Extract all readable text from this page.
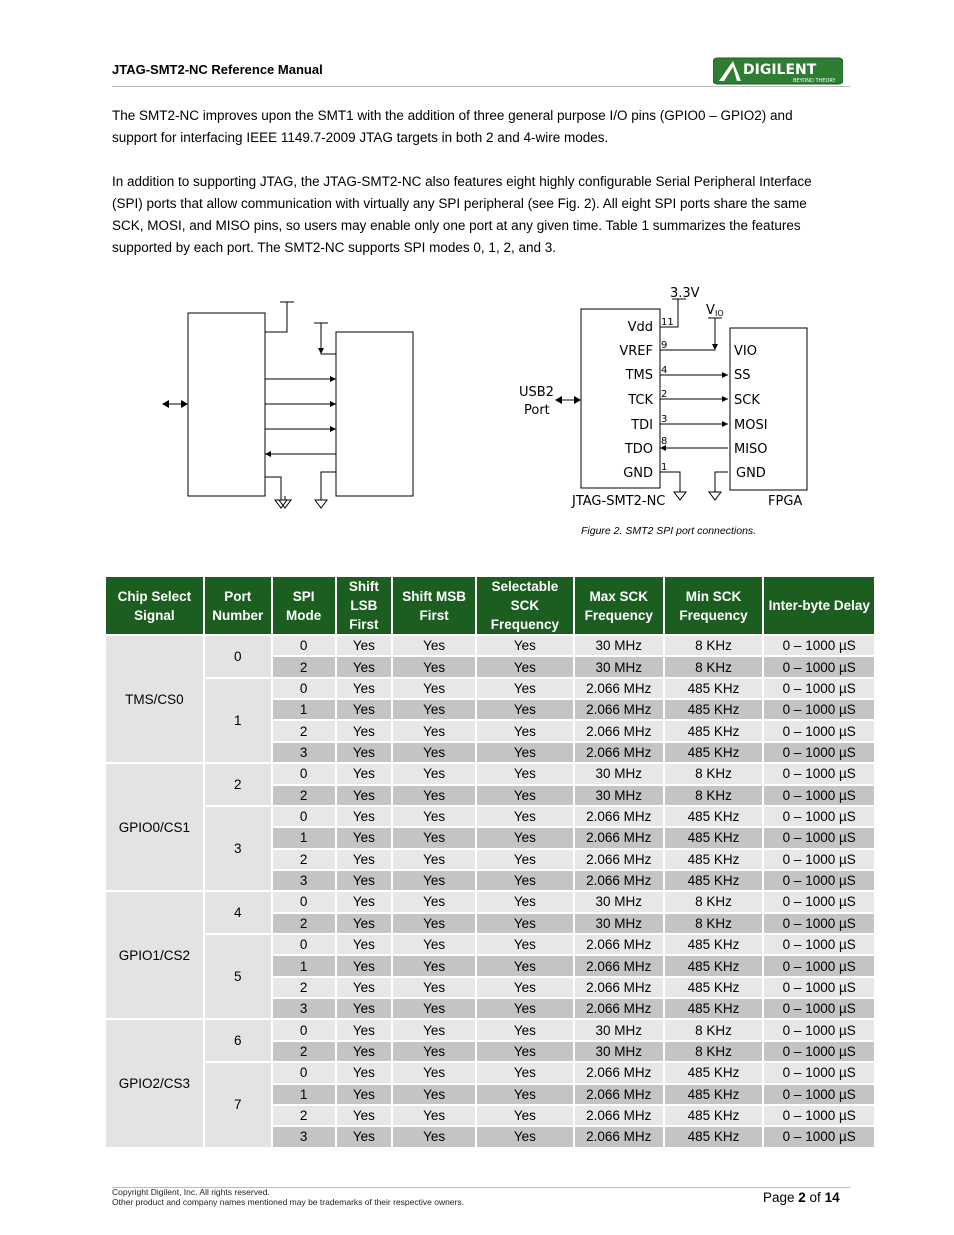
JTAG-SMT2-NC Reference Manual	DIGILENT
BEYOND THEORY
The SMT2-NC improves upon the SMT1 with the addition of three general purpose I/O pins (GPIO0 – GPIO2) and support for interfacing IEEE 1149.7-2009 JTAG targets in both 2 and 4-wire modes.
In addition to supporting JTAG, the JTAG-SMT2-NC also features eight highly configurable Serial Peripheral Interface (SPI) ports that allow communication with virtually any SPI peripheral (see Fig. 2). All eight SPI ports share the same SCK, MOSI, and MISO pins, so users may enable only one port at any given time. Table 1 summarizes the features supported by each port. The SMT2-NC supports SPI modes 0, 1, 2, and 3.
3.3V
V IO
USB2
Port
Vdd
VREF
TMS
TCK
TDI
TDO
GND
VIO
SS
SCK
MOSI
MISO
GND
JTAG-SMT2-NC	FPGA
11
9
4
2
3
8
1
Figure 2. SMT2 SPI port connections.
Chip Select Signal	Port Number	SPI Mode	Shift LSB First	Shift MSB First	Selectable SCK Frequency	Max SCK Frequency	Min SCK Frequency	Inter-byte Delay
TMS/CS0	0	0	Yes	Yes	Yes	30 MHz	8 KHz	0 – 1000 µS
		2	Yes	Yes	Yes	30 MHz	8 KHz	0 – 1000 µS
	1	0	Yes	Yes	Yes	2.066 MHz	485 KHz	0 – 1000 µS
		1	Yes	Yes	Yes	2.066 MHz	485 KHz	0 – 1000 µS
		2	Yes	Yes	Yes	2.066 MHz	485 KHz	0 – 1000 µS
		3	Yes	Yes	Yes	2.066 MHz	485 KHz	0 – 1000 µS
GPIO0/CS1	2	0	Yes	Yes	Yes	30 MHz	8 KHz	0 – 1000 µS
		2	Yes	Yes	Yes	30 MHz	8 KHz	0 – 1000 µS
	3	0	Yes	Yes	Yes	2.066 MHz	485 KHz	0 – 1000 µS
		1	Yes	Yes	Yes	2.066 MHz	485 KHz	0 – 1000 µS
		2	Yes	Yes	Yes	2.066 MHz	485 KHz	0 – 1000 µS
		3	Yes	Yes	Yes	2.066 MHz	485 KHz	0 – 1000 µS
GPIO1/CS2	4	0	Yes	Yes	Yes	30 MHz	8 KHz	0 – 1000 µS
		2	Yes	Yes	Yes	30 MHz	8 KHz	0 – 1000 µS
	5	0	Yes	Yes	Yes	2.066 MHz	485 KHz	0 – 1000 µS
		1	Yes	Yes	Yes	2.066 MHz	485 KHz	0 – 1000 µS
		2	Yes	Yes	Yes	2.066 MHz	485 KHz	0 – 1000 µS
		3	Yes	Yes	Yes	2.066 MHz	485 KHz	0 – 1000 µS
GPIO2/CS3	6	0	Yes	Yes	Yes	30 MHz	8 KHz	0 – 1000 µS
		2	Yes	Yes	Yes	30 MHz	8 KHz	0 – 1000 µS
	7	0	Yes	Yes	Yes	2.066 MHz	485 KHz	0 – 1000 µS
		1	Yes	Yes	Yes	2.066 MHz	485 KHz	0 – 1000 µS
		2	Yes	Yes	Yes	2.066 MHz	485 KHz	0 – 1000 µS
		3	Yes	Yes	Yes	2.066 MHz	485 KHz	0 – 1000 µS
Copyright Digilent, Inc. All rights reserved.
Other product and company names mentioned may be trademarks of their respective owners.	Page 2 of 14
